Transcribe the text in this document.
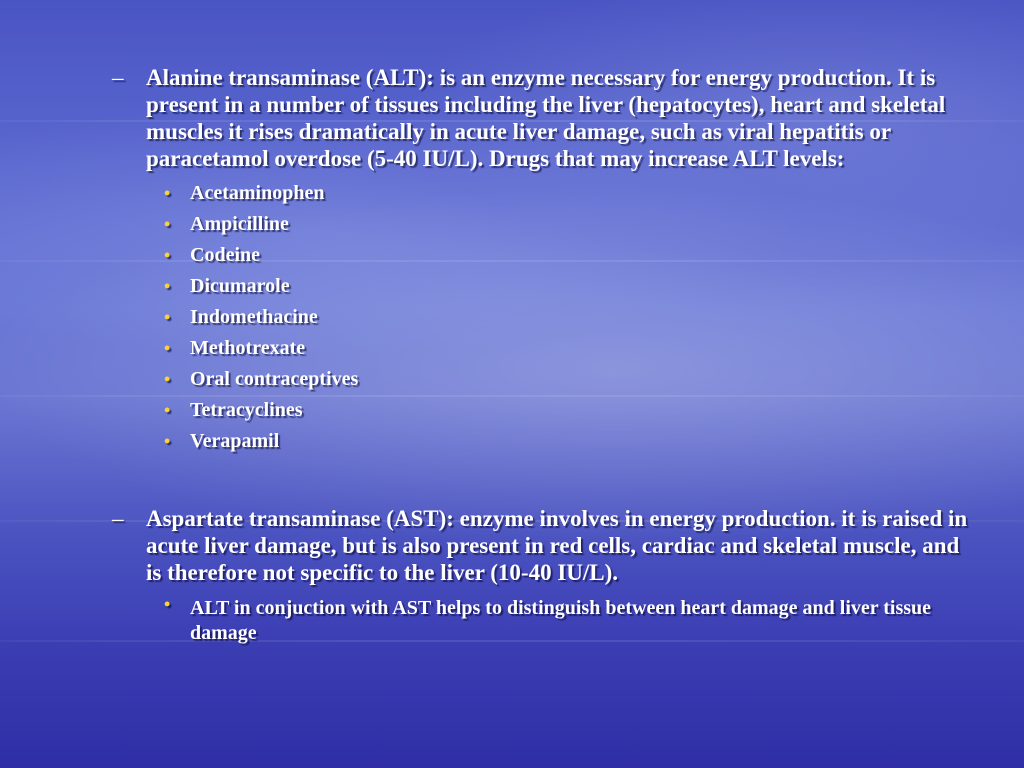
– Alanine transaminase (ALT): is an enzyme necessary for energy production. It is present in a number of tissues including the liver (hepatocytes), heart and skeletal muscles it rises dramatically in acute liver damage, such as viral hepatitis or paracetamol overdose (5-40 IU/L). Drugs that may increase ALT levels:
• Acetaminophen
• Ampicilline
• Codeine
• Dicumarole
• Indomethacine
• Methotrexate
• Oral contraceptives
• Tetracyclines
• Verapamil
– Aspartate transaminase (AST): enzyme involves in energy production. it is raised in acute liver damage, but is also present in red cells, cardiac and skeletal muscle, and is therefore not specific to the liver (10-40 IU/L).
• ALT in conjuction with AST helps to distinguish between heart damage and liver tissue damage
